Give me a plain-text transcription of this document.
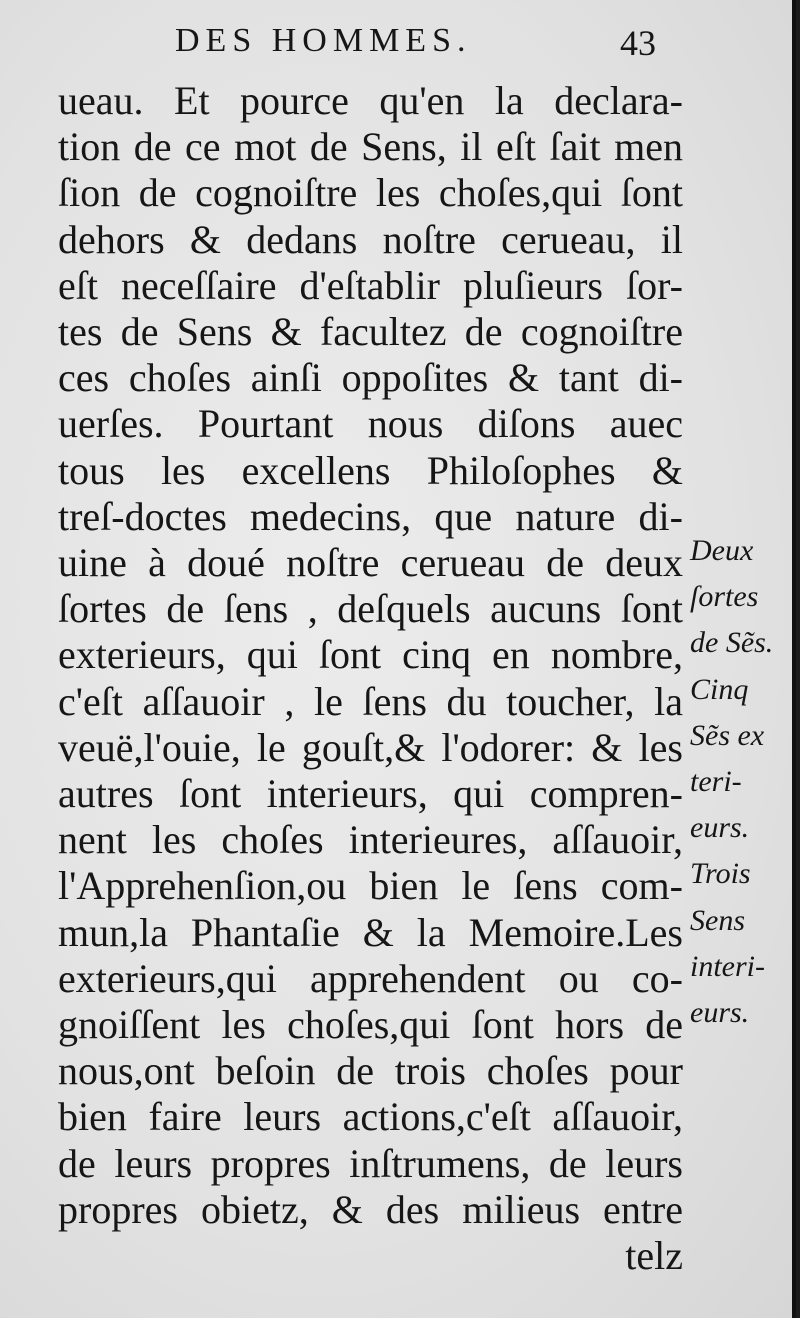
DES HOMMES.	43
ueau. Et pource qu'en la declara-
tion de ce mot de Sens, il eſt ſait men
ſion de cognoiſtre les choſes,qui ſont
dehors & dedans noſtre cerueau, il
eſt neceſſaire d'eſtablir pluſieurs ſor-
tes de Sens & facultez de cognoiſtre
ces choſes ainſi oppoſites & tant di-
uerſes. Pourtant nous diſons auec
tous les excellens Philoſophes &
treſ-doctes medecins, que nature di-
uine à doué noſtre cerueau de deux
ſortes de ſens , deſquels aucuns ſont
exterieurs, qui ſont cinq en nombre,
c'eſt aſſauoir , le ſens du toucher, la
veuë,l'ouie, le gouſt,& l'odorer: & les
autres ſont interieurs, qui compren-
nent les choſes interieures, aſſauoir,
l'Apprehenſion,ou bien le ſens com-
mun,la Phantaſie & la Memoire.Les
exterieurs,qui apprehendent ou co-
gnoiſſent les choſes,qui ſont hors de
nous,ont beſoin de trois choſes pour
bien faire leurs actions,c'eſt aſſauoir,
de leurs propres inſtrumens, de leurs
propres obietz, & des milieus entre
telz
Deux
ſortes
de Sẽs.
Cinq
Sẽs ex
teri-
eurs.
Trois
Sens
interi-
eurs.
